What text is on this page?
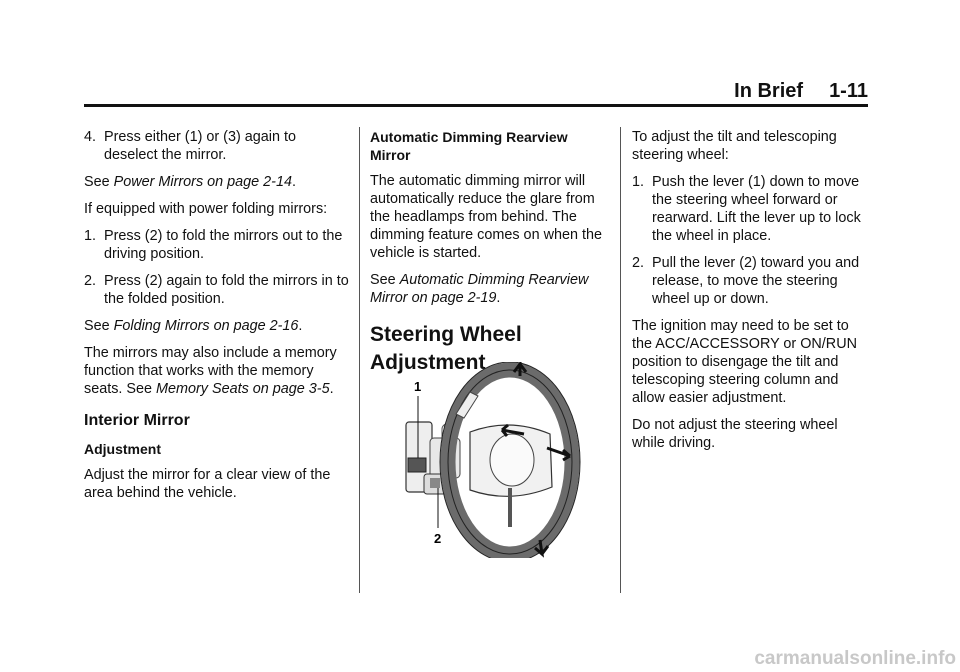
In Brief 1-11

4. Press either (1) or (3) again to deselect the mirror.

See Power Mirrors on page 2-14.

If equipped with power folding mirrors:

1. Press (2) to fold the mirrors out to the driving position.

2. Press (2) again to fold the mirrors in to the folded position.

See Folding Mirrors on page 2-16.

The mirrors may also include a memory function that works with the memory seats. See Memory Seats on page 3-5.

Interior Mirror
Adjustment

Adjust the mirror for a clear view of the area behind the vehicle.

Automatic Dimming Rearview Mirror

The automatic dimming mirror will automatically reduce the glare from the headlamps from behind. The dimming feature comes on when the vehicle is started.

See Automatic Dimming Rearview Mirror on page 2-19.

Steering Wheel Adjustment
1
2

To adjust the tilt and telescoping steering wheel:

1. Push the lever (1) down to move the steering wheel forward or rearward. Lift the lever up to lock the wheel in place.

2. Pull the lever (2) toward you and release, to move the steering wheel up or down.

The ignition may need to be set to the ACC/ACCESSORY or ON/RUN position to disengage the tilt and telescoping steering column and allow easier adjustment.

Do not adjust the steering wheel while driving.

carmanualsonline.info
